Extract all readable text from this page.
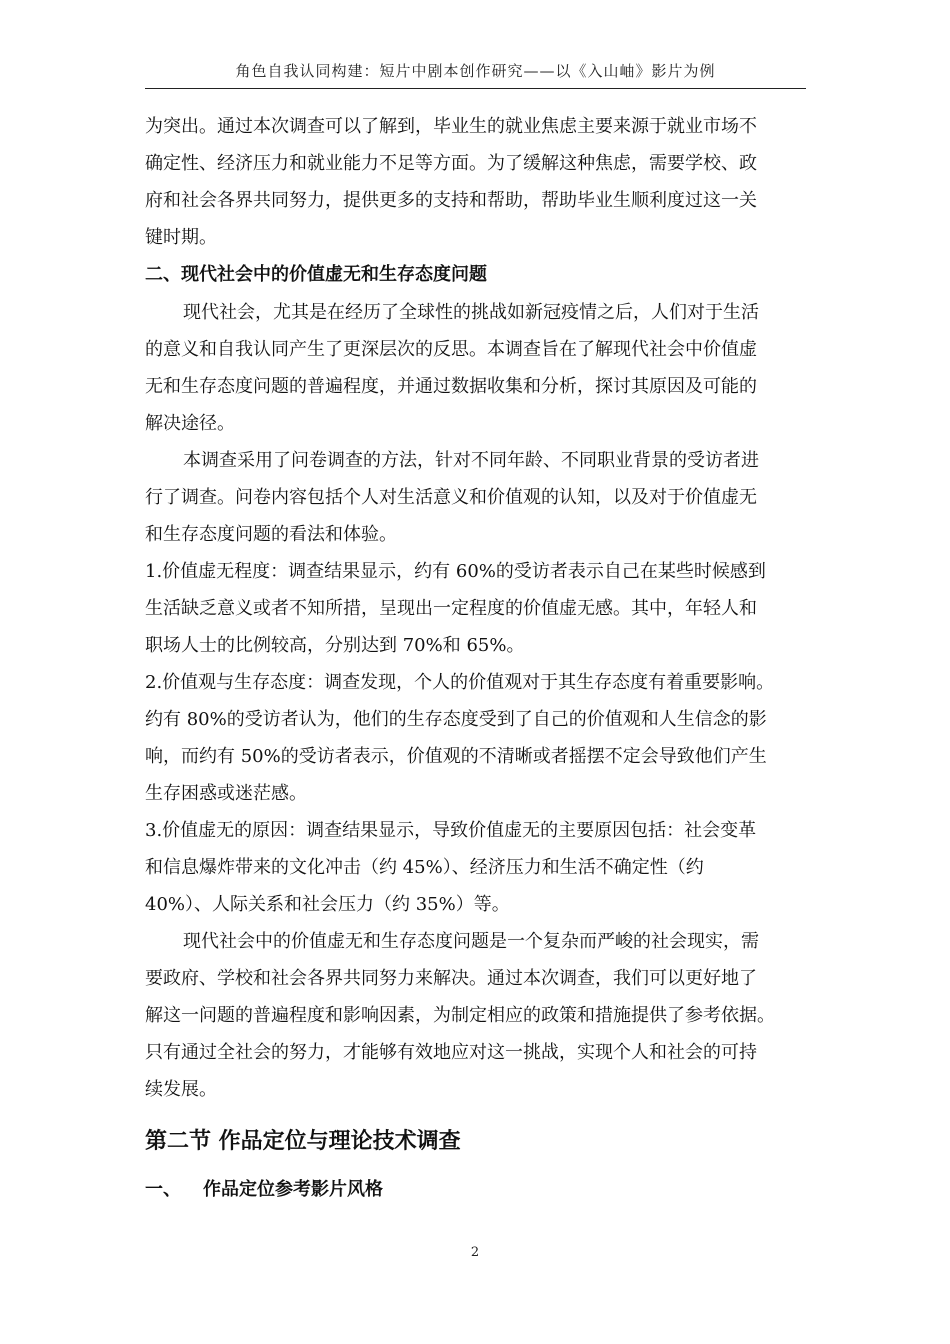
角色自我认同构建：短片中剧本创作研究——以《入山岫》影片为例

为突出。通过本次调查可以了解到，毕业生的就业焦虑主要来源于就业市场不

确定性、经济压力和就业能力不足等方面。为了缓解这种焦虑，需要学校、政

府和社会各界共同努力，提供更多的支持和帮助，帮助毕业生顺利度过这一关

键时期。

二、现代社会中的价值虚无和生存态度问题

现代社会，尤其是在经历了全球性的挑战如新冠疫情之后，人们对于生活

的意义和自我认同产生了更深层次的反思。本调查旨在了解现代社会中价值虚

无和生存态度问题的普遍程度，并通过数据收集和分析，探讨其原因及可能的

解决途径。

本调查采用了问卷调查的方法，针对不同年龄、不同职业背景的受访者进

行了调查。问卷内容包括个人对生活意义和价值观的认知，以及对于价值虚无

和生存态度问题的看法和体验。

1.价值虚无程度：调查结果显示，约有 60%的受访者表示自己在某些时候感到

生活缺乏意义或者不知所措，呈现出一定程度的价值虚无感。其中，年轻人和

职场人士的比例较高，分别达到 70%和 65%。

2.价值观与生存态度：调查发现，个人的价值观对于其生存态度有着重要影响。

约有 80%的受访者认为，他们的生存态度受到了自己的价值观和人生信念的影

响，而约有 50%的受访者表示，价值观的不清晰或者摇摆不定会导致他们产生

生存困惑或迷茫感。

3.价值虚无的原因：调查结果显示，导致价值虚无的主要原因包括：社会变革

和信息爆炸带来的文化冲击（约 45%）、经济压力和生活不确定性（约

40%）、人际关系和社会压力（约 35%）等。

现代社会中的价值虚无和生存态度问题是一个复杂而严峻的社会现实，需

要政府、学校和社会各界共同努力来解决。通过本次调查，我们可以更好地了

解这一问题的普遍程度和影响因素，为制定相应的政策和措施提供了参考依据。

只有通过全社会的努力，才能够有效地应对这一挑战，实现个人和社会的可持

续发展。

第二节 作品定位与理论技术调查

一、	作品定位参考影片风格
2
